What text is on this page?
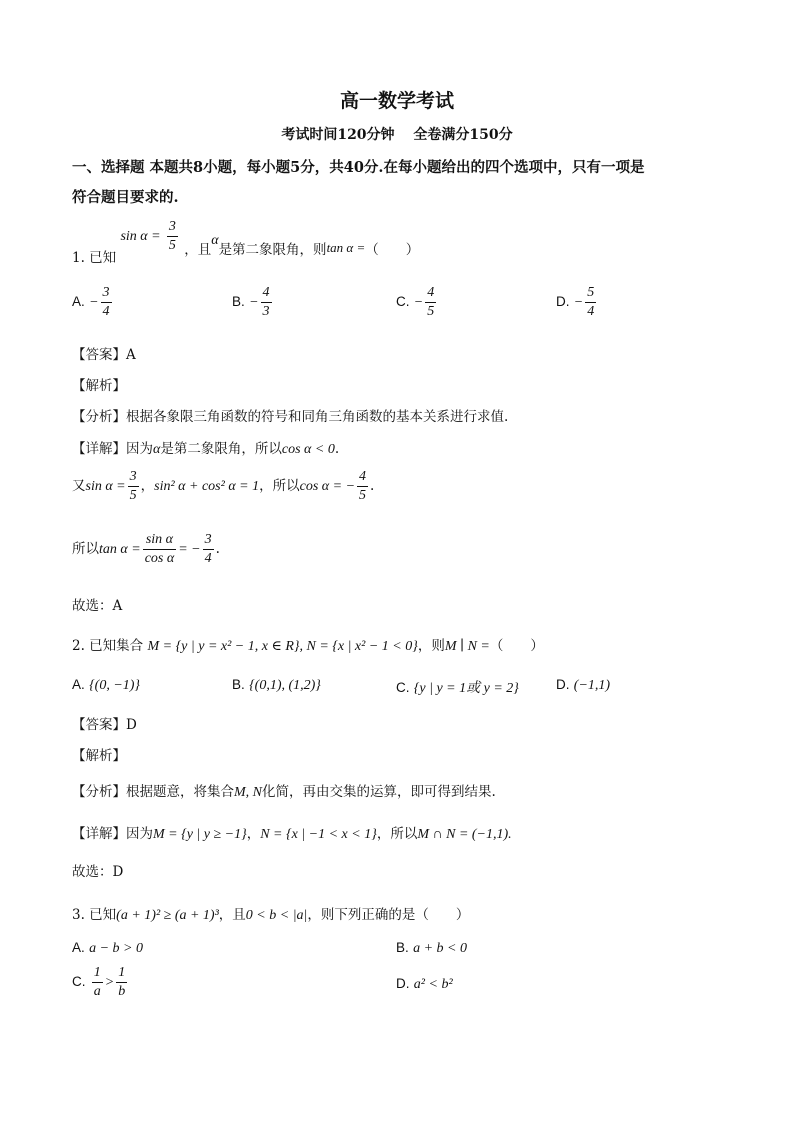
高一数学考试
考试时间120分钟　 全卷满分150分
一、选择题 本题共8小题，每小题5分，共40分.在每小题给出的四个选项中，只有一项是
符合题目要求的.
1. 已知 $\sin \alpha = \frac{3}{5}$ ，且α是第二象限角，则tan α =（　　）
A. − $\frac{3}{4}$	B. − $\frac{4}{3}$	C. − $\frac{4}{5}$	D. − $\frac{5}{4}$
【答案】A
【解析】
【分析】根据各象限三角函数的符号和同角三角函数的基本关系进行求值.
【详解】因为α是第二象限角，所以cos α < 0.
又$\sin \alpha = \frac{3}{5}$ ，sin² α + cos² α = 1，所以cos α = − $\frac{4}{5}$ .
所以$\tan \alpha = \frac{\text{sin α}}{\text{cos α}}$ = − $\frac{3}{4}$ .
故选：A
2. 已知集合 M = {y | y = x² − 1, x ∈ R}, N = {x | x² − 1 < 0}，则M ∣ N =（　　）
A. {(0, −1)}	B. {(0,1), (1,2)}	C. {y | y = 1或 y = 2}	D. (−1,1)
【答案】D
【解析】
【分析】根据题意，将集合M, N化简，再由交集的运算，即可得到结果.
【详解】因为M = {y | y ≥ −1}，N = {x | −1 < x < 1}，所以M ∩ N = (−1,1).
故选：D
3. 已知(a + 1)² ≥ (a + 1)³，且0 < b < |a|，则下列正确的是（　　）
A. a − b > 0	B. a + b < 0
C. $\frac{1}{a} > \frac{1}{b}$	D. a² < b²
